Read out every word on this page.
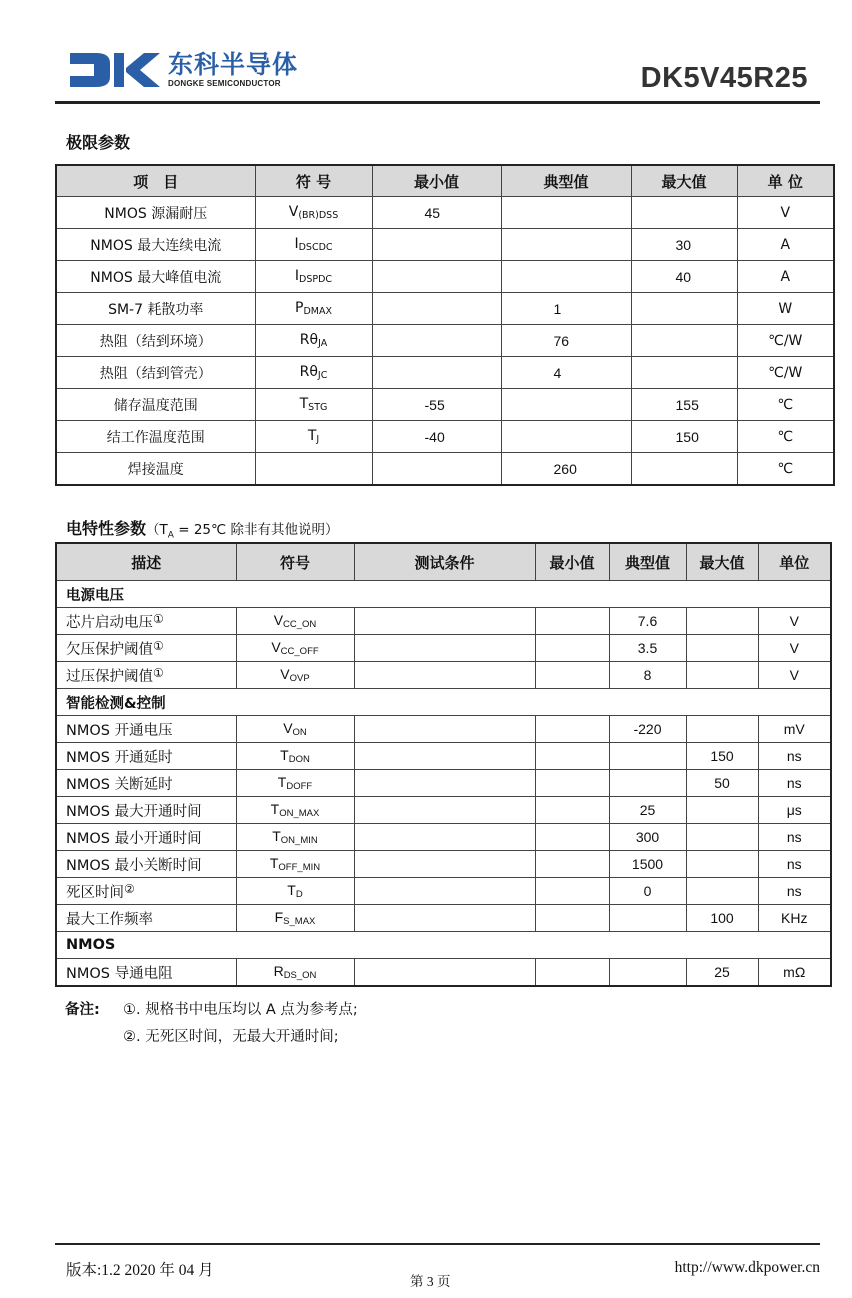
东科半导体
DONGKE SEMICONDUCTOR	DK5V45R25
极限参数
项　目	符 号	最小值	典型值	最大值	单 位
NMOS 源漏耐压	$V_{(BR)DSS}$	45			V
NMOS 最大连续电流	$I_{DSCDC}$			30	A
NMOS 最大峰值电流	$I_{DSPDC}$			40	A
SM-7 耗散功率	$P_{DMAX}$		1		W
热阻（结到环境）	$R\theta_{JA}$		76		℃/W
热阻（结到管壳）	$R\theta_{JC}$		4		℃/W
储存温度范围	$T_{STG}$	-55		155	℃
结工作温度范围	$T_J$	-40		150	℃
焊接温度			260		℃
电特性参数（$T_A$ = 25℃ 除非有其他说明）
描述	符号	测试条件	最小值	典型值	最大值	单位
电源电压						
芯片启动电压①	$V_{CC\_ON}$			7.6		V
欠压保护阈值①	$V_{CC\_OFF}$			3.5		V
过压保护阈值①	$V_{OVP}$			8		V
智能检测&控制						
NMOS 开通电压	$V_{ON}$			-220		mV
NMOS 开通延时	$T_{DON}$				150	ns
NMOS 关断延时	$T_{DOFF}$				50	ns
NMOS 最大开通时间	$T_{ON\_MAX}$			25		μs
NMOS 最小开通时间	$T_{ON\_MIN}$			300		ns
NMOS 最小关断时间	$T_{OFF\_MIN}$			1500		ns
死区时间②	$T_D$			0		ns
最大工作频率	$F_{S\_MAX}$				100	KHz
NMOS						
NMOS 导通电阻	$R_{DS\_ON}$				25	mΩ
备注:	①. 规格书中电压均以 A 点为参考点;
②. 无死区时间，无最大开通时间;
版本:1.2 2020 年 04 月
第 3 页
http://www.dkpower.cn
